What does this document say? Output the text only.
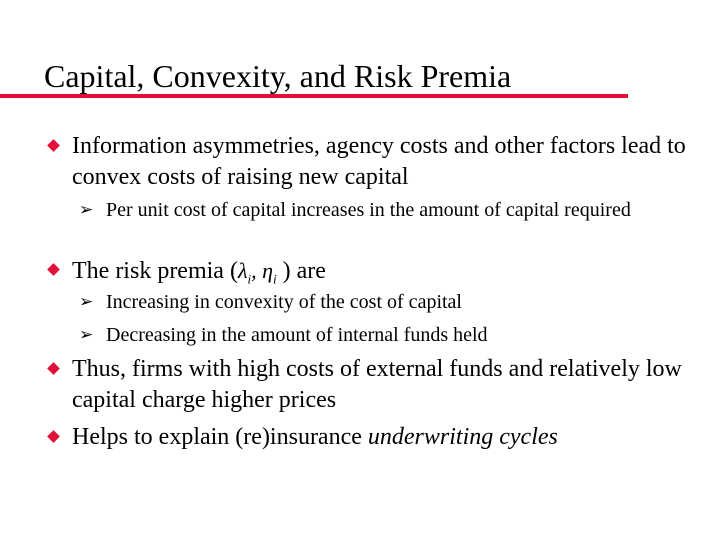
Capital, Convexity, and Risk Premia
Information asymmetries, agency costs and other factors lead to convex costs of raising new capital
➢ Per unit cost of capital increases in the amount of capital required
The risk premia ($\lambda_i$, $\eta_i$ ) are
➢ Increasing in convexity of the cost of capital
➢ Decreasing in the amount of internal funds held
Thus, firms with high costs of external funds and relatively low capital charge higher prices
Helps to explain (re)insurance underwriting cycles
